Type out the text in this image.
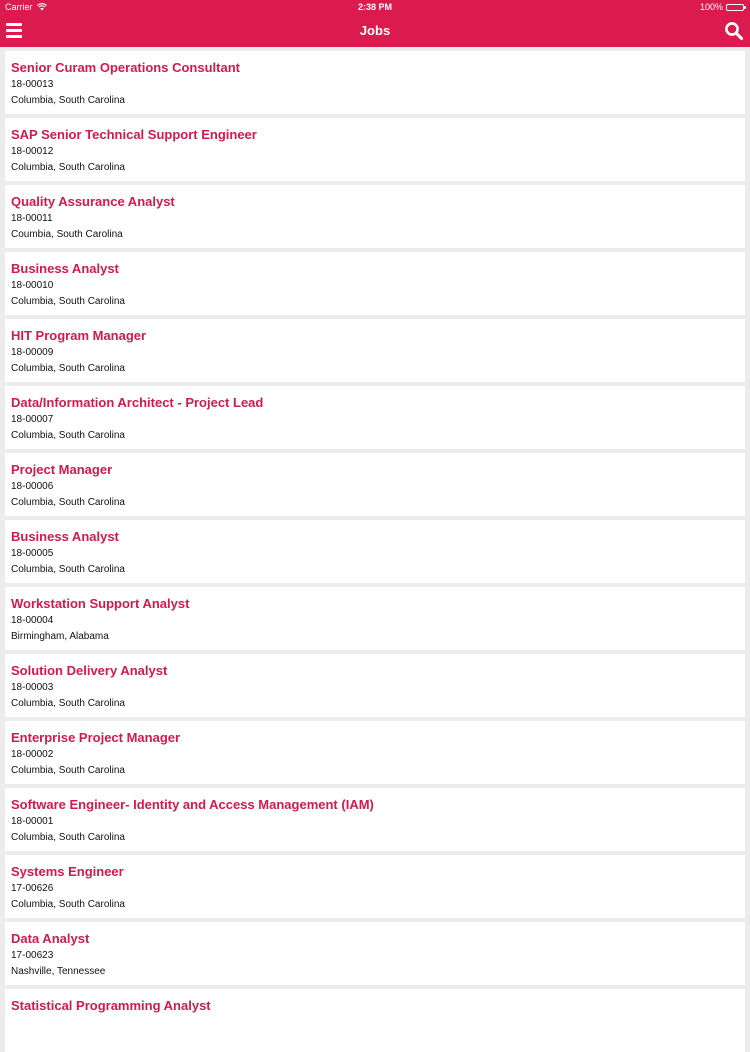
Carrier	2:38 PM	100%
Jobs
Senior Curam Operations Consultant
18-00013
Columbia, South Carolina
SAP Senior Technical Support Engineer
18-00012
Columbia, South Carolina
Quality Assurance Analyst
18-00011
Coumbia, South Carolina
Business Analyst
18-00010
Columbia, South Carolina
HIT Program Manager
18-00009
Columbia, South Carolina
Data/Information Architect - Project Lead
18-00007
Columbia, South Carolina
Project Manager
18-00006
Columbia, South Carolina
Business Analyst
18-00005
Columbia, South Carolina
Workstation Support Analyst
18-00004
Birmingham, Alabama
Solution Delivery Analyst
18-00003
Columbia, South Carolina
Enterprise Project Manager
18-00002
Columbia, South Carolina
Software Engineer- Identity and Access Management (IAM)
18-00001
Columbia, South Carolina
Systems Engineer
17-00626
Columbia, South Carolina
Data Analyst
17-00623
Nashville, Tennessee
Statistical Programming Analyst
